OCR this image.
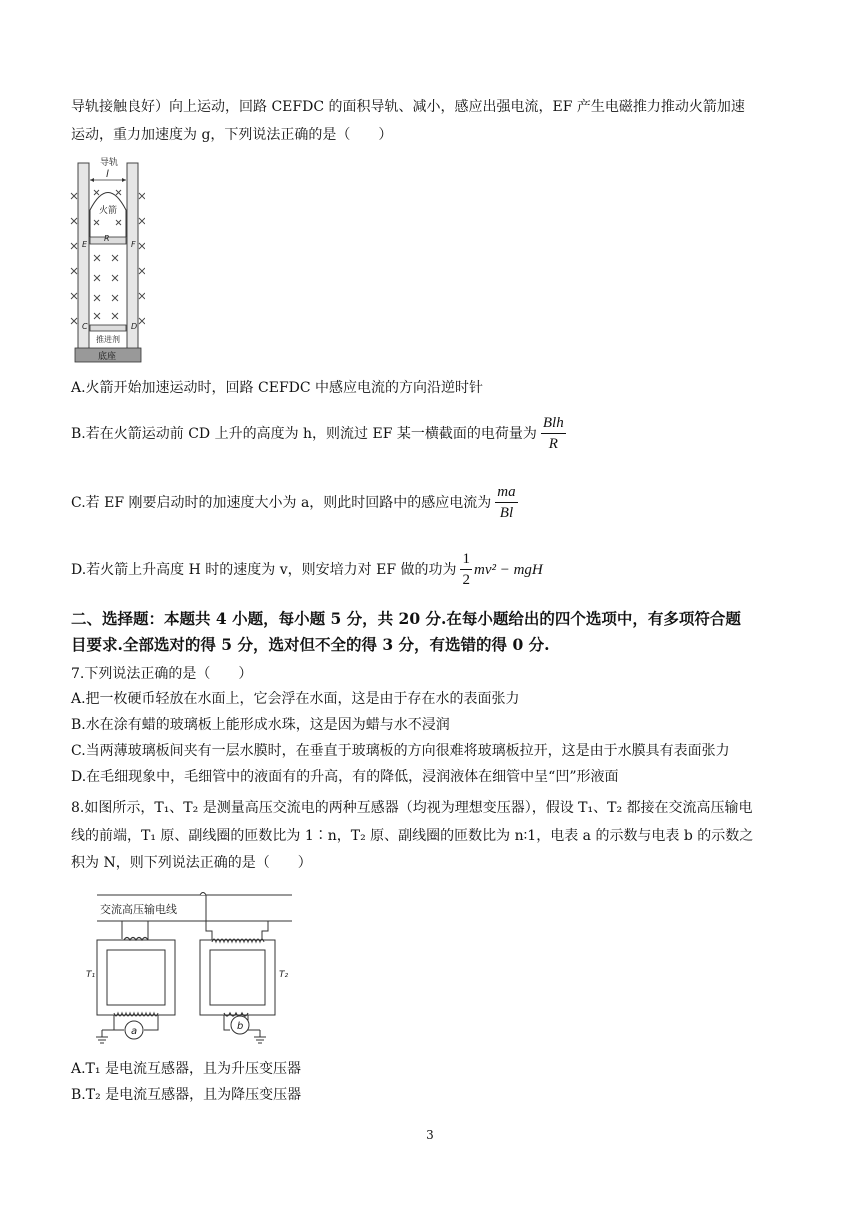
导轨接触良好）向上运动，回路 CEFDC 的面积导轨、减小，感应出强电流，EF 产生电磁推力推动火箭加速
运动，重力加速度为 g，下列说法正确的是（　　）
导轨
l
火箭
R
E	F
C	D
推进剂
底座
A.火箭开始加速运动时，回路 CEFDC 中感应电流的方向沿逆时针
B.若在火箭运动前 CD 上升的高度为 h，则流过 EF 某一横截面的电荷量为 $\frac{\text{Blh}}{R}$
C.若 EF 刚要启动时的加速度大小为 a，则此时回路中的感应电流为 $\frac{ma}{Bl}$
D.若火箭上升高度 H 时的速度为 v，则安培力对 EF 做的功为 $\frac{1}{2} mv^2$ − mgH
二、选择题：本题共 4 小题，每小题 5 分，共 20 分.在每小题给出的四个选项中，有多项符合题
目要求.全部选对的得 5 分，选对但不全的得 3 分，有选错的得 0 分.
7.下列说法正确的是（　　）
A.把一枚硬币轻放在水面上，它会浮在水面，这是由于存在水的表面张力
B.水在涂有蜡的玻璃板上能形成水珠，这是因为蜡与水不浸润
C.当两薄玻璃板间夹有一层水膜时，在垂直于玻璃板的方向很难将玻璃板拉开，这是由于水膜具有表面张力
D.在毛细现象中，毛细管中的液面有的升高，有的降低，浸润液体在细管中呈“凹”形液面
8.如图所示，T₁、T₂ 是测量高压交流电的两种互感器（均视为理想变压器），假设 T₁、T₂ 都接在交流高压输电
线的前端，T₁ 原、副线圈的匝数比为 1∶n，T₂ 原、副线圈的匝数比为 n∶1，电表 a 的示数与电表 b 的示数之
积为 N，则下列说法正确的是（　　）
交流高压输电线
T₁
a
T₂
b
A.T₁ 是电流互感器，且为升压变压器
B.T₂ 是电流互感器，且为降压变压器
3
